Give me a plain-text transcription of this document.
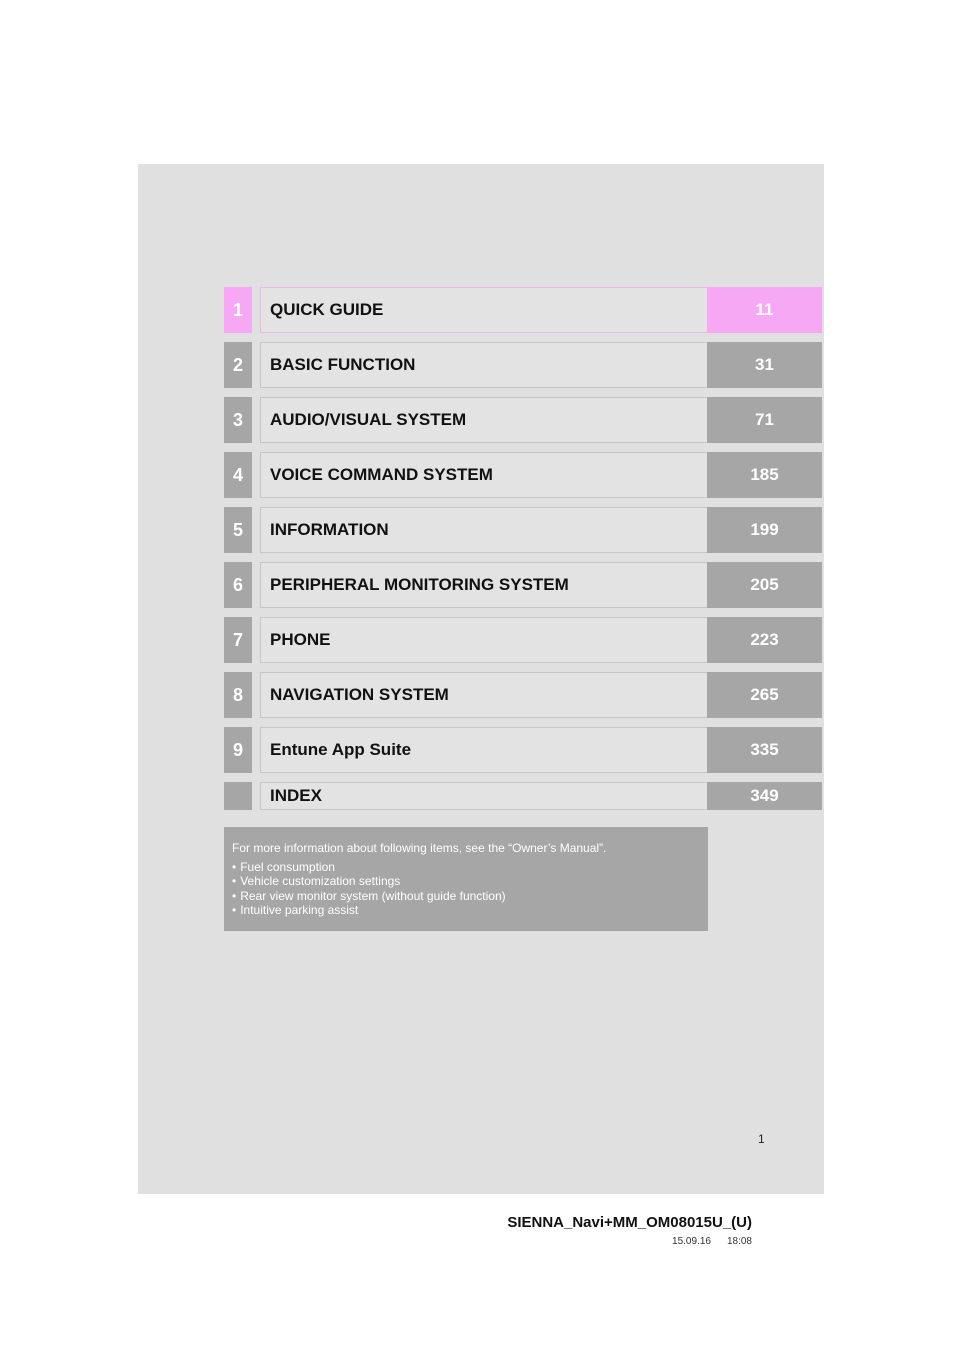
1	QUICK GUIDE	11
2	BASIC FUNCTION	31
3	AUDIO/VISUAL SYSTEM	71
4	VOICE COMMAND SYSTEM	185
5	INFORMATION	199
6	PERIPHERAL MONITORING SYSTEM	205
7	PHONE	223
8	NAVIGATION SYSTEM	265
9	Entune App Suite	335
INDEX	349
For more information about following items, see the “Owner’s Manual”.
• Fuel consumption
• Vehicle customization settings
• Rear view monitor system (without guide function)
• Intuitive parking assist
1
SIENNA_Navi+MM_OM08015U_(U)
15.09.16 18:08
